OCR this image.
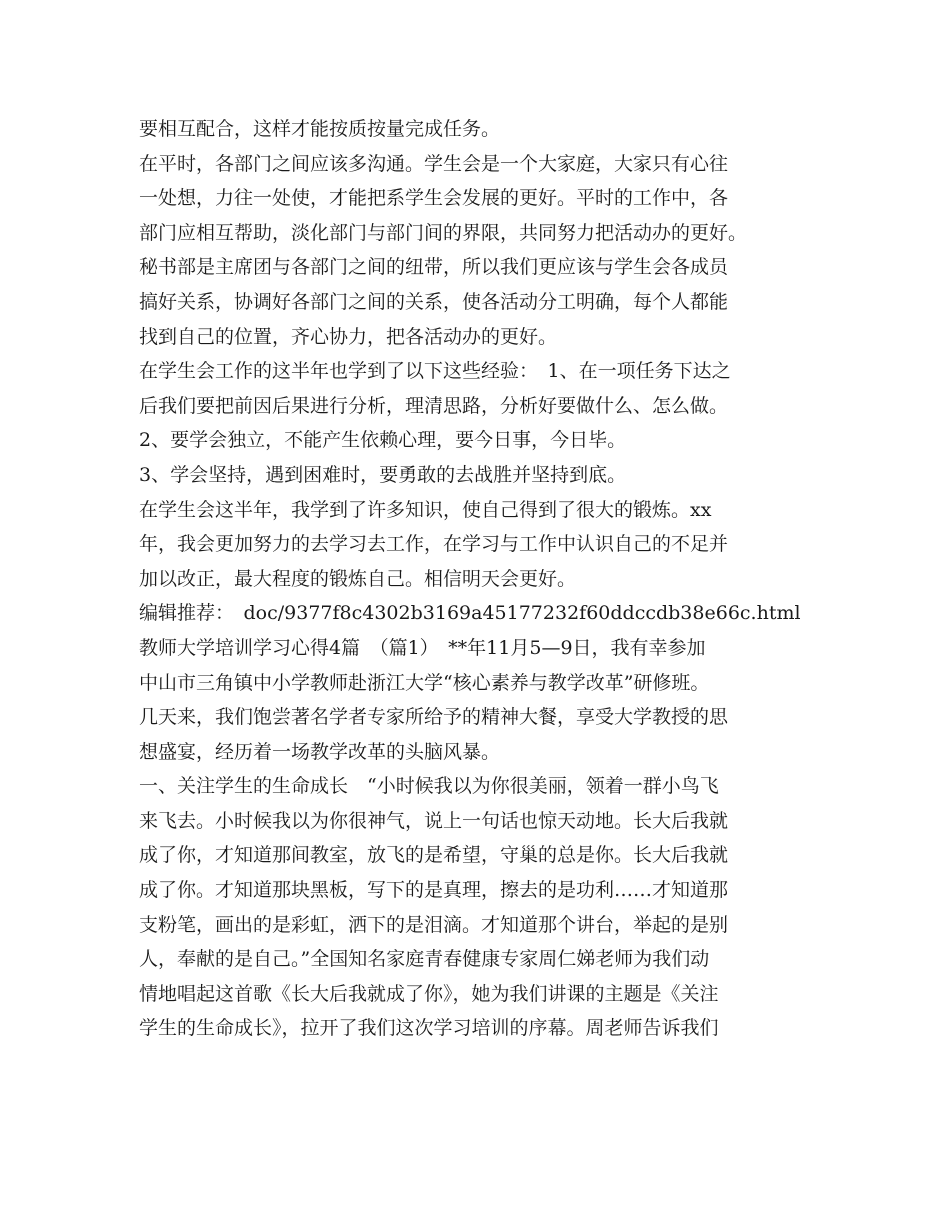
要相互配合，这样才能按质按量完成任务。
在平时，各部门之间应该多沟通。学生会是一个大家庭，大家只有心往
一处想，力往一处使，才能把系学生会发展的更好。平时的工作中，各
部门应相互帮助，淡化部门与部门间的界限，共同努力把活动办的更好。
秘书部是主席团与各部门之间的纽带，所以我们更应该与学生会各成员
搞好关系，协调好各部门之间的关系，使各活动分工明确，每个人都能
找到自己的位置，齐心协力，把各活动办的更好。
在学生会工作的这半年也学到了以下这些经验：　1、在一项任务下达之
后我们要把前因后果进行分析，理清思路，分析好要做什么、怎么做。
2、要学会独立，不能产生依赖心理，要今日事，今日毕。
3、学会坚持，遇到困难时，要勇敢的去战胜并坚持到底。
在学生会这半年，我学到了许多知识，使自己得到了很大的锻炼。xx
年，我会更加努力的去学习去工作，在学习与工作中认识自己的不足并
加以改正，最大程度的锻炼自己。相信明天会更好。
编辑推荐：　doc/9377f8c4302b3169a45177232f60ddccdb38e66c.html
教师大学培训学习心得4篇　（篇1）　**年11月5—9日，我有幸参加
中山市三角镇中小学教师赴浙江大学“核心素养与教学改革”研修班。
几天来，我们饱尝著名学者专家所给予的精神大餐，享受大学教授的思
想盛宴，经历着一场教学改革的头脑风暴。
一、关注学生的生命成长　“小时候我以为你很美丽，领着一群小鸟飞
来飞去。小时候我以为你很神气，说上一句话也惊天动地。长大后我就
成了你，才知道那间教室，放飞的是希望，守巢的总是你。长大后我就
成了你。才知道那块黑板，写下的是真理，擦去的是功利……才知道那
支粉笔，画出的是彩虹，洒下的是泪滴。才知道那个讲台，举起的是别
人，奉献的是自己。”全国知名家庭青春健康专家周仁娣老师为我们动
情地唱起这首歌《长大后我就成了你》，她为我们讲课的主题是《关注
学生的生命成长》，拉开了我们这次学习培训的序幕。周老师告诉我们
